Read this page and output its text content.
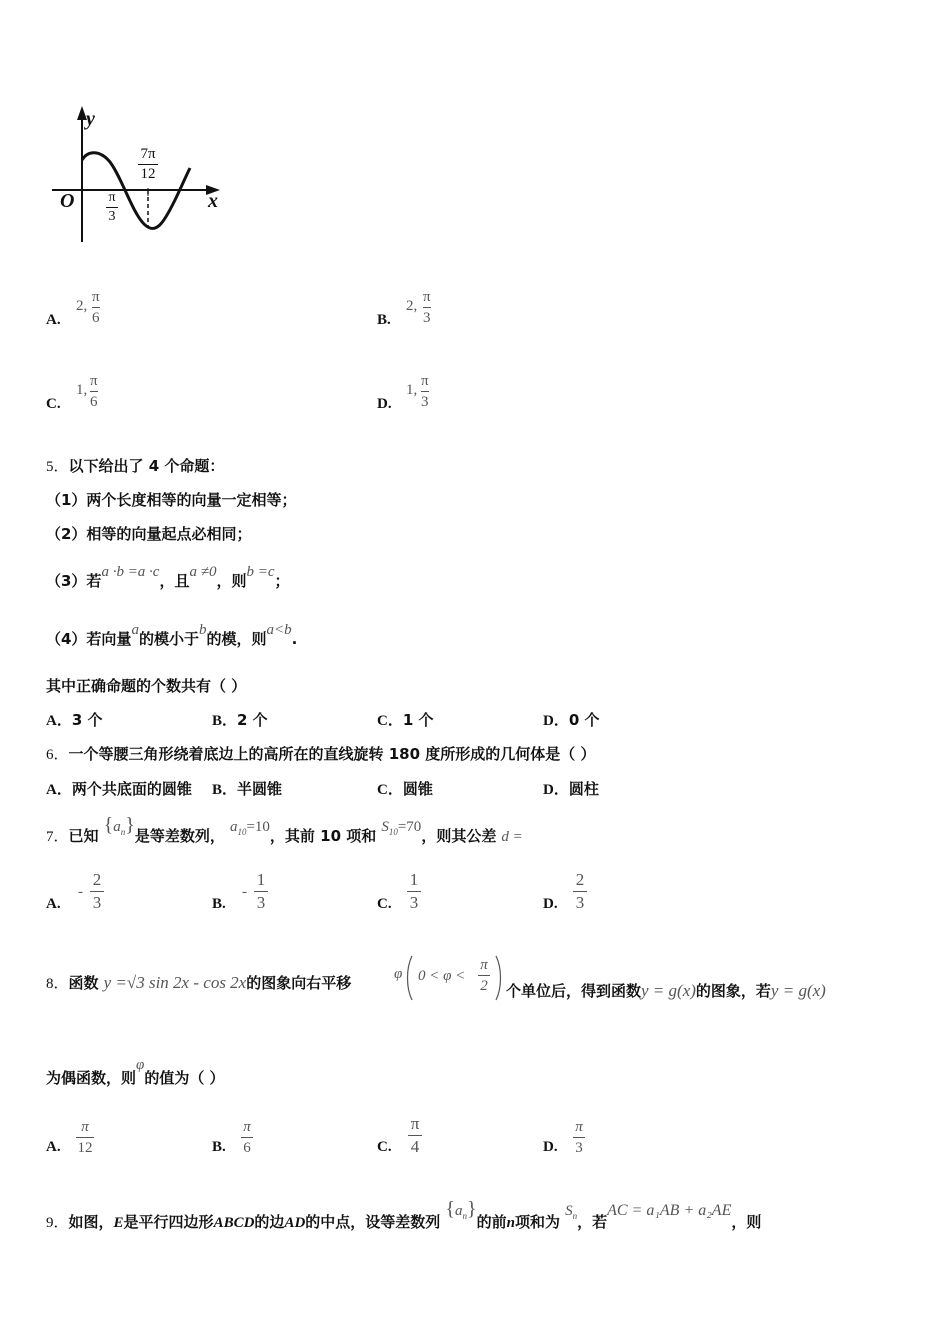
y
x
O π
3
7π
12
A.
2,
π
6	B.
2,
π
3
C.
1,
π
6	D.
1,
π
3
5．以下给出了 4 个命题：
（1）两个长度相等的向量一定相等；
（2）相等的向量起点必相同；
（3）若a ·b =a ·c，且a ≠0，则b =c；
（4）若向量a的模小于b的模，则a<b.
其中正确命题的个数共有（ ）
A．3 个	B．2 个	C．1 个	D．0 个
6．一个等腰三角形绕着底边上的高所在的直线旋转 180 度所形成的几何体是（ ）
A．两个共底面的圆锥 B．半圆锥	C．圆锥	D．圆柱
7．已知 $\{a_n\}$是等差数列， $a_{10}=10$，其前 10 项和 $S_{10}=70$，则其公差 d =
A.
-
2
3	B.
-
1
3	C.
1
3	D.
2
3
8．函数 y =√3 sin 2x - cos 2x的图象向右平移	φ 0 < φ <
π
2 个单位后，得到函数y = g(x)的图象，若y = g(x)
为偶函数，则φ的值为（ ）
A.
π
12	B.
π
6	C.
π
4	D.
π
3
9．如图，E是平行四边形ABCD的边AD的中点，设等差数列 $\{a_n\}$的前n项和为 $S_n$，若AC = a₁AB + a₂AE，则
